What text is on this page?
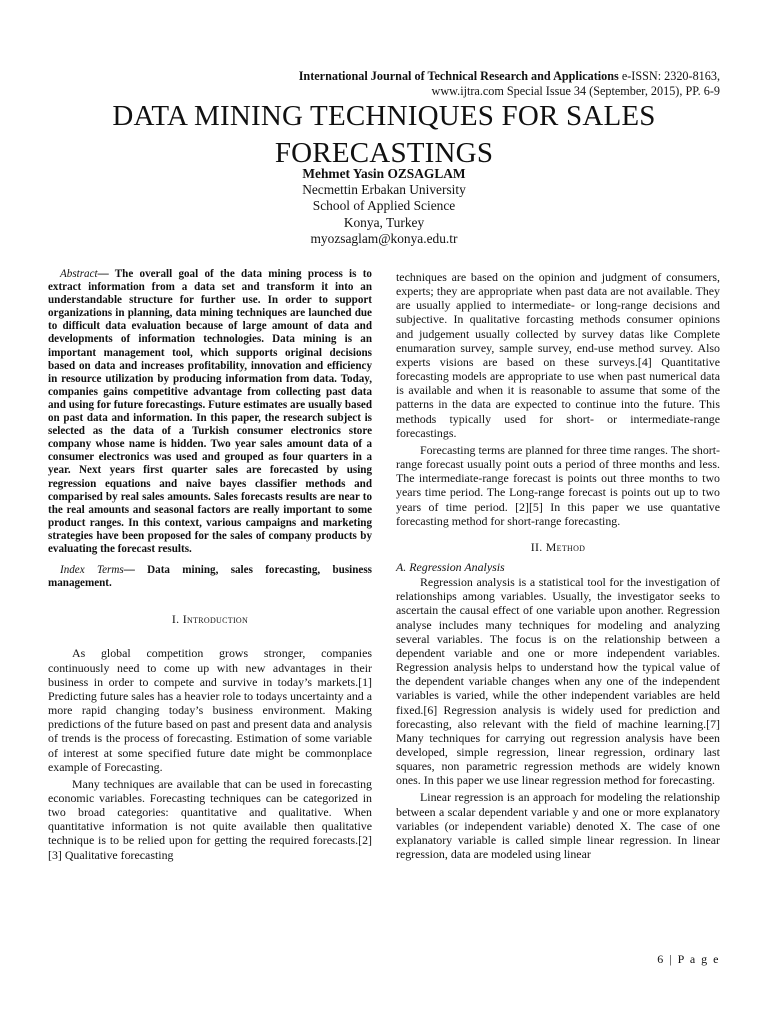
International Journal of Technical Research and Applications e-ISSN: 2320-8163,
www.ijtra.com Special Issue 34 (September, 2015), PP. 6-9
DATA MINING TECHNIQUES FOR SALES
FORECASTINGS
Mehmet Yasin OZSAGLAM
Necmettin Erbakan University
School of Applied Science
Konya, Turkey
myozsaglam@konya.edu.tr

Abstract— The overall goal of the data mining process is to extract information from a data set and transform it into an understandable structure for further use. In order to support organizations in planning, data mining techniques are launched due to difficult data evaluation because of large amount of data and developments of information technologies. Data mining is an important management tool, which supports original decisions based on data and increases profitability, innovation and efficiency in resource utilization by producing information from data. Today, companies gains competitive advantage from collecting past data and using for future forecastings. Future estimates are usually based on past data and information. In this paper, the research subject is selected as the data of a Turkish consumer electronics store company whose name is hidden. Two year sales amount data of a consumer electronics was used and grouped as four quarters in a year. Next years first quarter sales are forecasted by using regression equations and naive bayes classifier methods and comparised by real sales amounts. Sales forecasts results are near to the real amounts and seasonal factors are really important to some product ranges. In this context, various campaigns and marketing strategies have been proposed for the sales of company products by evaluating the forecast results.

Index Terms— Data mining, sales forecasting, business management.

I. Introduction

As global competition grows stronger, companies continuously need to come up with new advantages in their business in order to compete and survive in today’s markets.[1] Predicting future sales has a heavier role to todays uncertainty and a more rapid changing today’s business environment. Making predictions of the future based on past and present data and analysis of trends is the process of forecasting. Estimation of some variable of interest at some specified future date might be commonplace example of Forecasting.

Many techniques are available that can be used in forecasting economic variables. Forecasting techniques can be categorized in two broad categories: quantitative and qualitative. When quantitative information is not quite available then qualitative technique is to be relied upon for getting the required forecasts.[2][3] Qualitative forecasting

techniques are based on the opinion and judgment of consumers, experts; they are appropriate when past data are not available. They are usually applied to intermediate- or long-range decisions and subjective. In qualitative forcasting methods consumer opinions and judgement usually collected by survey datas like Complete enumaration survey, sample survey, end-use method survey. Also experts visions are based on these surveys.[4] Quantitative forecasting models are appropriate to use when past numerical data is available and when it is reasonable to assume that some of the patterns in the data are expected to continue into the future. This methods typically used for short- or intermediate-range forecastings.

Forecasting terms are planned for three time ranges. The short-range forecast usually point outs a period of three months and less. The intermediate-range forecast is points out three months to two years time period. The Long-range forecast is points out up to two years of time period. [2][5] In this paper we use quantative forecasting method for short-range forecasting.

II. Method
A. Regression Analysis

Regression analysis is a statistical tool for the investigation of relationships among variables. Usually, the investigator seeks to ascertain the causal effect of one variable upon another. Regression analyse includes many techniques for modeling and analyzing several variables. The focus is on the relationship between a dependent variable and one or more independent variables. Regression analysis helps to understand how the typical value of the dependent variable changes when any one of the independent variables is varied, while the other independent variables are held fixed.[6] Regression analysis is widely used for prediction and forecasting, also relevant with the field of machine learning.[7] Many techniques for carrying out regression analysis have been developed, simple regression, linear regression, ordinary last squares, non parametric regression methods are widely known ones. In this paper we use linear regression method for forecasting.

Linear regression is an approach for modeling the relationship between a scalar dependent variable y and one or more explanatory variables (or independent variable) denoted X. The case of one explanatory variable is called simple linear regression. In linear regression, data are modeled using linear

6 | P a g e
